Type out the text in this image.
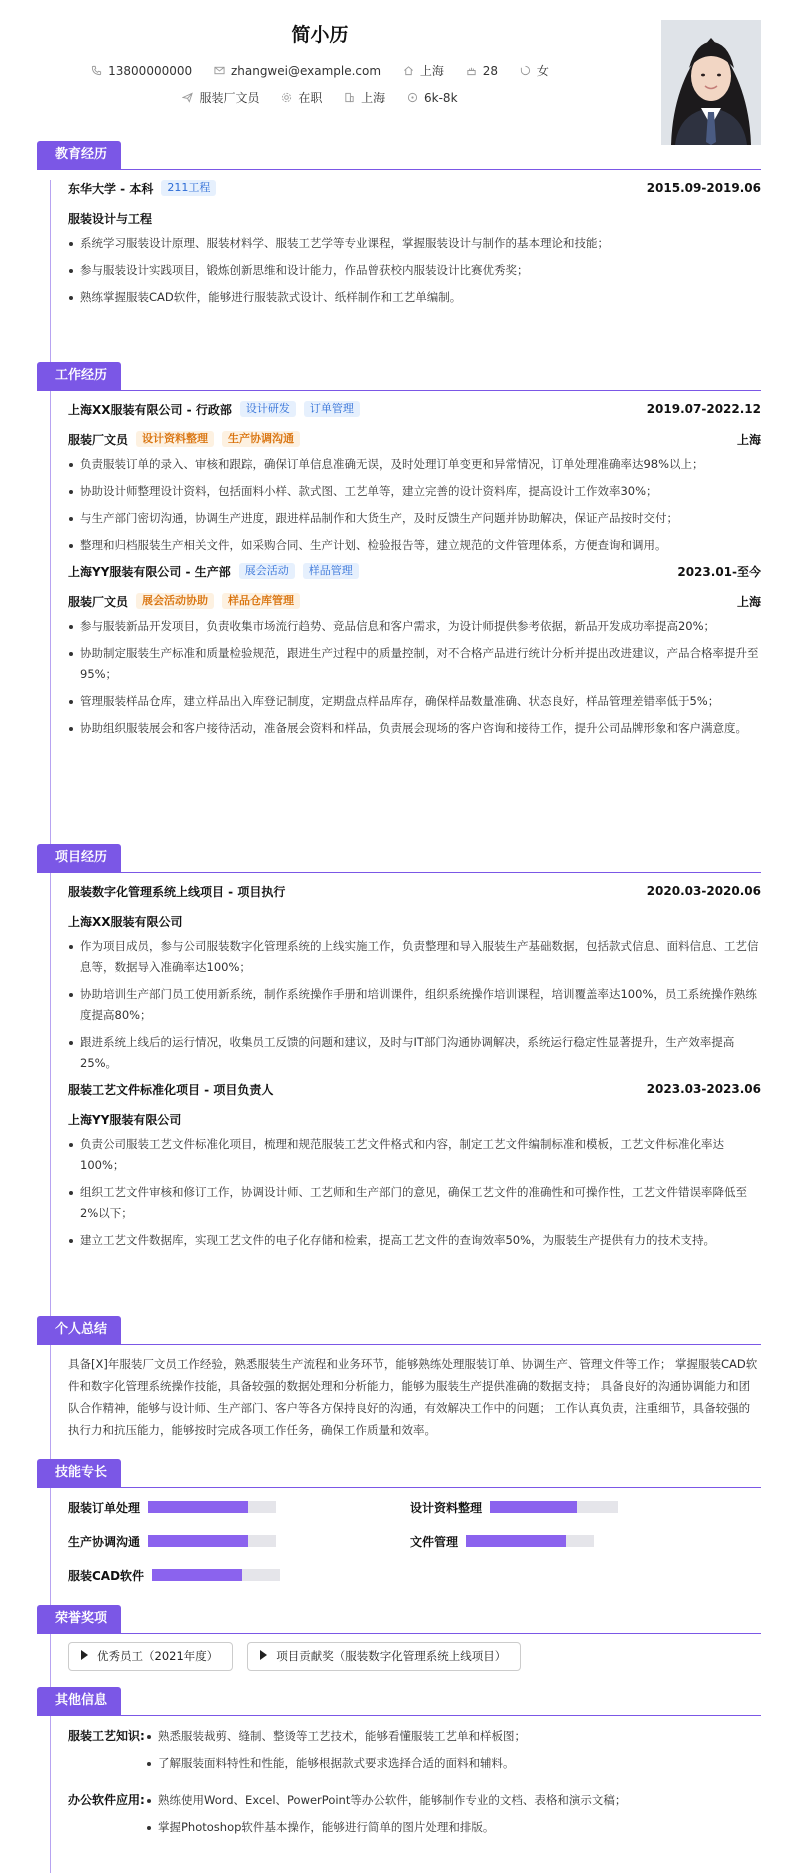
简小历
13800000000	zhangwei@example.com	上海	28	女
服装厂文员	在职	上海	6k-8k
教育经历
东华大学 - 本科	211工程	2015.09-2019.06
服装设计与工程
系统学习服装设计原理、服装材料学、服装工艺学等专业课程，掌握服装设计与制作的基本理论和技能；
参与服装设计实践项目，锻炼创新思维和设计能力，作品曾获校内服装设计比赛优秀奖；
熟练掌握服装CAD软件，能够进行服装款式设计、纸样制作和工艺单编制。
工作经历
上海XX服装有限公司 - 行政部	设计研发	订单管理	2019.07-2022.12
服装厂文员	设计资料整理	生产协调沟通	上海
负责服装订单的录入、审核和跟踪，确保订单信息准确无误，及时处理订单变更和异常情况，订单处理准确率达98%以上；
协助设计师整理设计资料，包括面料小样、款式图、工艺单等，建立完善的设计资料库，提高设计工作效率30%；
与生产部门密切沟通，协调生产进度，跟进样品制作和大货生产，及时反馈生产问题并协助解决，保证产品按时交付；
整理和归档服装生产相关文件，如采购合同、生产计划、检验报告等，建立规范的文件管理体系，方便查询和调用。
上海YY服装有限公司 - 生产部	展会活动	样品管理	2023.01-至今
服装厂文员	展会活动协助	样品仓库管理	上海
参与服装新品开发项目，负责收集市场流行趋势、竞品信息和客户需求，为设计师提供参考依据，新品开发成功率提高20%；
协助制定服装生产标准和质量检验规范，跟进生产过程中的质量控制，对不合格产品进行统计分析并提出改进建议，产品合格率提升至95%；
管理服装样品仓库，建立样品出入库登记制度，定期盘点样品库存，确保样品数量准确、状态良好，样品管理差错率低于5%；
协助组织服装展会和客户接待活动，准备展会资料和样品，负责展会现场的客户咨询和接待工作，提升公司品牌形象和客户满意度。
项目经历
服装数字化管理系统上线项目 - 项目执行	2020.03-2020.06
上海XX服装有限公司
作为项目成员，参与公司服装数字化管理系统的上线实施工作，负责整理和导入服装生产基础数据，包括款式信息、面料信息、工艺信息等，数据导入准确率达100%；
协助培训生产部门员工使用新系统，制作系统操作手册和培训课件，组织系统操作培训课程，培训覆盖率达100%，员工系统操作熟练度提高80%；
跟进系统上线后的运行情况，收集员工反馈的问题和建议，及时与IT部门沟通协调解决，系统运行稳定性显著提升，生产效率提高25%。
服装工艺文件标准化项目 - 项目负责人	2023.03-2023.06
上海YY服装有限公司
负责公司服装工艺文件标准化项目，梳理和规范服装工艺文件格式和内容，制定工艺文件编制标准和模板，工艺文件标准化率达100%；
组织工艺文件审核和修订工作，协调设计师、工艺师和生产部门的意见，确保工艺文件的准确性和可操作性，工艺文件错误率降低至2%以下；
建立工艺文件数据库，实现工艺文件的电子化存储和检索，提高工艺文件的查询效率50%，为服装生产提供有力的技术支持。
个人总结
具备[X]年服装厂文员工作经验，熟悉服装生产流程和业务环节，能够熟练处理服装订单、协调生产、管理文件等工作； 掌握服装CAD软件和数字化管理系统操作技能，具备较强的数据处理和分析能力，能够为服装生产提供准确的数据支持； 具备良好的沟通协调能力和团队合作精神，能够与设计师、生产部门、客户等各方保持良好的沟通，有效解决工作中的问题； 工作认真负责，注重细节，具备较强的执行力和抗压能力，能够按时完成各项工作任务，确保工作质量和效率。
技能专长
服装订单处理	设计资料整理
生产协调沟通	文件管理
服装CAD软件
荣誉奖项
优秀员工（2021年度）	项目贡献奖（服装数字化管理系统上线项目）
其他信息
服装工艺知识:	熟悉服装裁剪、缝制、整烫等工艺技术，能够看懂服装工艺单和样板图；
了解服装面料特性和性能，能够根据款式要求选择合适的面料和辅料。
办公软件应用:	熟练使用Word、Excel、PowerPoint等办公软件，能够制作专业的文档、表格和演示文稿；
掌握Photoshop软件基本操作，能够进行简单的图片处理和排版。
